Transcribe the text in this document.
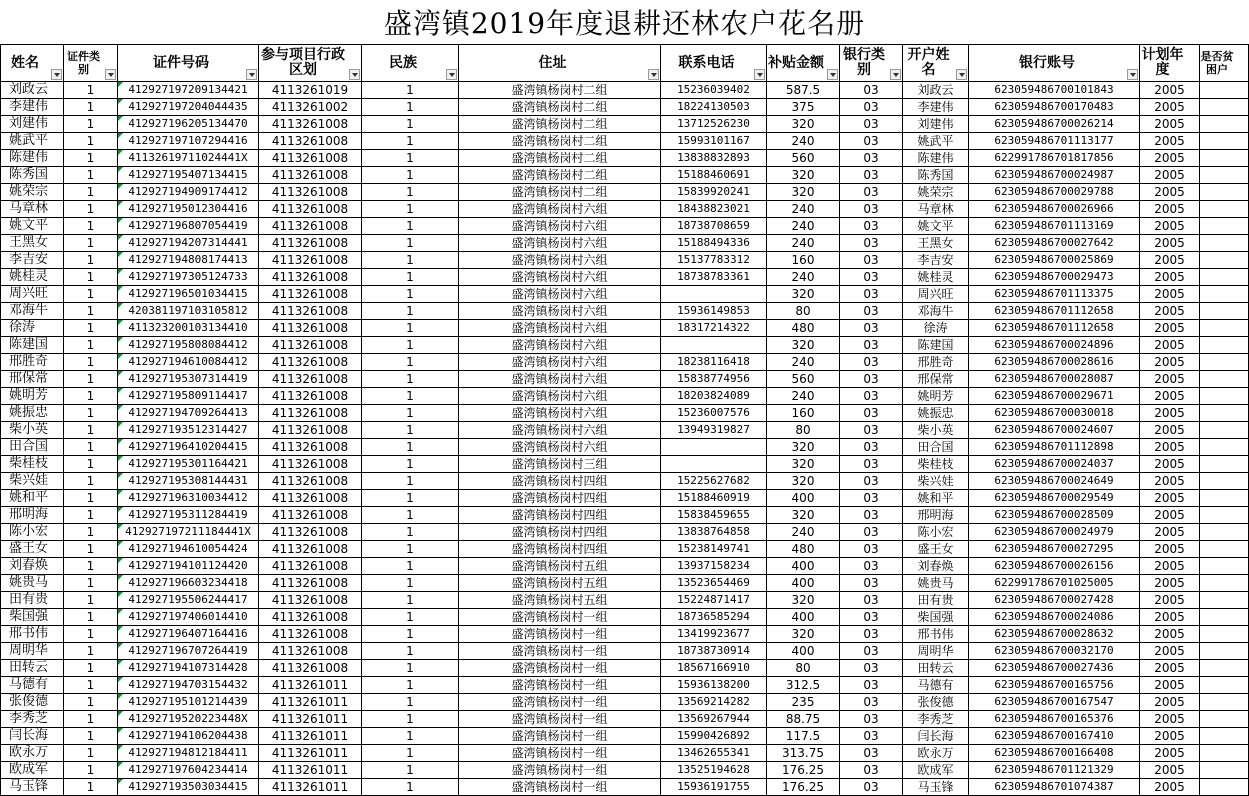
盛湾镇2019年度退耕还林农户花名册
姓名	证件类别	证件号码	参与项目行政区划	民族	住址	联系电话	补贴金额	银行类别	开户姓名	银行账号	计划年度	是否贫困户

刘政云	1	412927197209134421	4113261019	1	盛湾镇杨岗村二组	15236039402	587.5	03	刘政云	623059486700101843	2005	
李建伟	1	412927197204044435	4113261002	1	盛湾镇杨岗村二组	18224130503	375	03	李建伟	623059486700170483	2005	
刘建伟	1	412927196205134470	4113261008	1	盛湾镇杨岗村二组	13712526230	320	03	刘建伟	623059486700026214	2005	
姚武平	1	412927197107294416	4113261008	1	盛湾镇杨岗村二组	15993101167	240	03	姚武平	623059486701113177	2005	
陈建伟	1	41132619711024441X	4113261008	1	盛湾镇杨岗村二组	13838832893	560	03	陈建伟	622991786701817856	2005	
陈秀国	1	412927195407134415	4113261008	1	盛湾镇杨岗村二组	15188460691	320	03	陈秀国	623059486700024987	2005	
姚荣宗	1	412927194909174412	4113261008	1	盛湾镇杨岗村二组	15839920241	320	03	姚荣宗	623059486700029788	2005	
马章林	1	412927195012304416	4113261008	1	盛湾镇杨岗村六组	18438823021	240	03	马章林	623059486700026966	2005	
姚文平	1	412927196807054419	4113261008	1	盛湾镇杨岗村六组	18738708659	240	03	姚文平	623059486701113169	2005	
王黑女	1	412927194207314441	4113261008	1	盛湾镇杨岗村六组	15188494336	240	03	王黑女	623059486700027642	2005	
李吉安	1	412927194808174413	4113261008	1	盛湾镇杨岗村六组	15137783312	160	03	李吉安	623059486700025869	2005	
姚桂灵	1	412927197305124733	4113261008	1	盛湾镇杨岗村六组	18738783361	240	03	姚桂灵	623059486700029473	2005	
周兴旺	1	412927196501034415	4113261008	1	盛湾镇杨岗村六组		320	03	周兴旺	623059486701113375	2005	
邓海牛	1	420381197103105812	4113261008	1	盛湾镇杨岗村六组	15936149853	80	03	邓海牛	623059486701112658	2005	
徐涛	1	411323200103134410	4113261008	1	盛湾镇杨岗村六组	18317214322	480	03	徐涛	623059486701112658	2005	
陈建国	1	412927195808084412	4113261008	1	盛湾镇杨岗村六组		320	03	陈建国	623059486700024896	2005	
邢胜奇	1	412927194610084412	4113261008	1	盛湾镇杨岗村六组	18238116418	240	03	邢胜奇	623059486700028616	2005	
邢保常	1	412927195307314419	4113261008	1	盛湾镇杨岗村六组	15838774956	560	03	邢保常	623059486700028087	2005	
姚明芳	1	412927195809114417	4113261008	1	盛湾镇杨岗村六组	18203824089	240	03	姚明芳	623059486700029671	2005	
姚振忠	1	412927194709264413	4113261008	1	盛湾镇杨岗村六组	15236007576	160	03	姚振忠	623059486700030018	2005	
柴小英	1	412927193512314427	4113261008	1	盛湾镇杨岗村六组	13949319827	80	03	柴小英	623059486700024607	2005	
田合国	1	412927196410204415	4113261008	1	盛湾镇杨岗村六组		320	03	田合国	623059486701112898	2005	
柴桂枝	1	412927195301164421	4113261008	1	盛湾镇杨岗村三组		320	03	柴桂枝	623059486700024037	2005	
柴兴娃	1	412927195308144431	4113261008	1	盛湾镇杨岗村四组	15225627682	320	03	柴兴娃	623059486700024649	2005	
姚和平	1	412927196310034412	4113261008	1	盛湾镇杨岗村四组	15188460919	400	03	姚和平	623059486700029549	2005	
邢明海	1	412927195311284419	4113261008	1	盛湾镇杨岗村四组	15838459655	320	03	邢明海	623059486700028509	2005	
陈小宏	1	412927197211184441X	4113261008	1	盛湾镇杨岗村四组	13838764858	240	03	陈小宏	623059486700024979	2005	
盛王女	1	412927194610054424	4113261008	1	盛湾镇杨岗村四组	15238149741	480	03	盛王女	623059486700027295	2005	
刘春焕	1	412927194101124420	4113261008	1	盛湾镇杨岗村五组	13937158234	400	03	刘春焕	623059486700026156	2005	
姚贵马	1	412927196603234418	4113261008	1	盛湾镇杨岗村五组	13523654469	400	03	姚贵马	622991786701025005	2005	
田有贵	1	412927195506244417	4113261008	1	盛湾镇杨岗村五组	15224871417	320	03	田有贵	623059486700027428	2005	
柴国强	1	412927197406014410	4113261008	1	盛湾镇杨岗村一组	18736585294	400	03	柴国强	623059486700024086	2005	
邢书伟	1	412927196407164416	4113261008	1	盛湾镇杨岗村一组	13419923677	320	03	邢书伟	623059486700028632	2005	
周明华	1	412927196707264419	4113261008	1	盛湾镇杨岗村一组	18738730914	400	03	周明华	623059486700032170	2005	
田转云	1	412927194107314428	4113261008	1	盛湾镇杨岗村一组	18567166910	80	03	田转云	623059486700027436	2005	
马德有	1	412927194703154432	4113261011	1	盛湾镇杨岗村一组	15936138200	312.5	03	马德有	623059486700165756	2005	
张俊德	1	412927195101214439	4113261011	1	盛湾镇杨岗村一组	13569214282	235	03	张俊德	623059486700167547	2005	
李秀芝	1	41292719520223448X	4113261011	1	盛湾镇杨岗村一组	13569267944	88.75	03	李秀芝	623059486700165376	2005	
闫长海	1	412927194106204438	4113261011	1	盛湾镇杨岗村一组	15990426892	117.5	03	闫长海	623059486700167410	2005	
欧永万	1	412927194812184411	4113261011	1	盛湾镇杨岗村一组	13462655341	313.75	03	欧永万	623059486700166408	2005	
欧成军	1	412927197604234414	4113261011	1	盛湾镇杨岗村一组	13525194628	176.25	03	欧成军	623059486701121329	2005	
马玉锋	1	412927193503034415	4113261011	1	盛湾镇杨岗村一组	15936191755	176.25	03	马玉锋	623059486701074387	2005	
